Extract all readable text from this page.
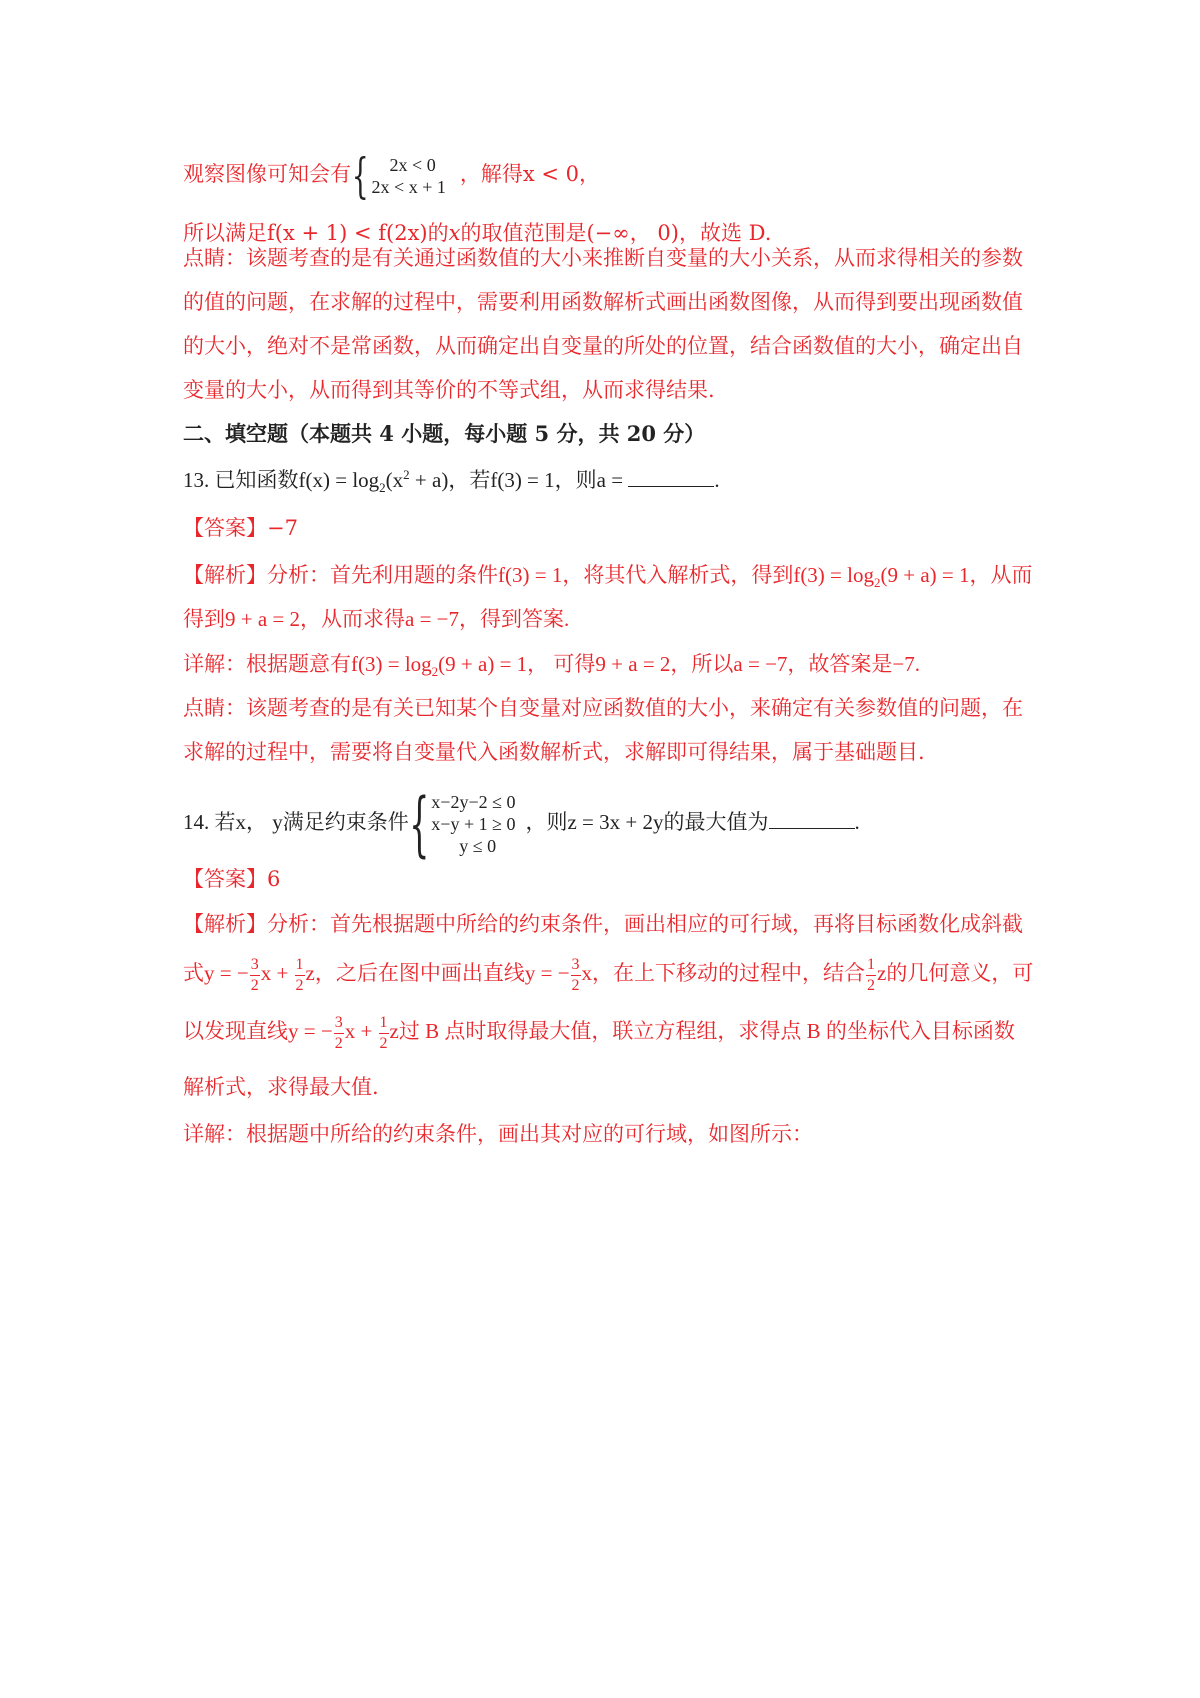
观察图像可知会有{	2x < 0
2x < x + 1
，解得x < 0，
所以满足f(x + 1) < f(2x)的x的取值范围是(−∞， 0)，故选 D.
点睛：该题考查的是有关通过函数值的大小来推断自变量的大小关系，从而求得相关的参数
的值的问题，在求解的过程中，需要利用函数解析式画出函数图像，从而得到要出现函数值
的大小，绝对不是常函数，从而确定出自变量的所处的位置，结合函数值的大小，确定出自
变量的大小，从而得到其等价的不等式组，从而求得结果.
二、填空题（本题共 4 小题，每小题 5 分，共 20 分）
13. 已知函数$f(x) = \log_2(x^2 + a)$，若f(3) = 1，则a =	.
【答案】−7
【解析】分析：首先利用题的条件f(3) = 1，将其代入解析式，得到$f(3) = \log_2(9 + a) = 1$，从而
得到9 + a = 2，从而求得a = −7，得到答案.
详解：根据题意有$f(3) = \log_2(9 + a) = 1$， 可得9 + a = 2，所以a = −7，故答案是−7.
点睛：该题考查的是有关已知某个自变量对应函数值的大小，来确定有关参数值的问题，在
求解的过程中，需要将自变量代入函数解析式，求解即可得结果，属于基础题目.
14. 若x， y满足约束条件{ x−2y−2 ≤ 0
x−y + 1 ≥ 0
y ≤ 0
，则z = 3x + 2y的最大值为	.
【答案】6
【解析】分析：首先根据题中所给的约束条件，画出相应的可行域，再将目标函数化成斜截
式y = − $\frac{3}{2}$ $x + \frac{1}{2}$ z，之后在图中画出直线y = − $\frac{3}{2}$ x，在上下移动的过程中，结合 $\frac{1}{2}$ z的几何意义，可
以发现直线y = − $\frac{3}{2}$ $x + \frac{1}{2}$ z过 B 点时取得最大值，联立方程组，求得点 B 的坐标代入目标函数
解析式，求得最大值.
详解：根据题中所给的约束条件，画出其对应的可行域，如图所示：
